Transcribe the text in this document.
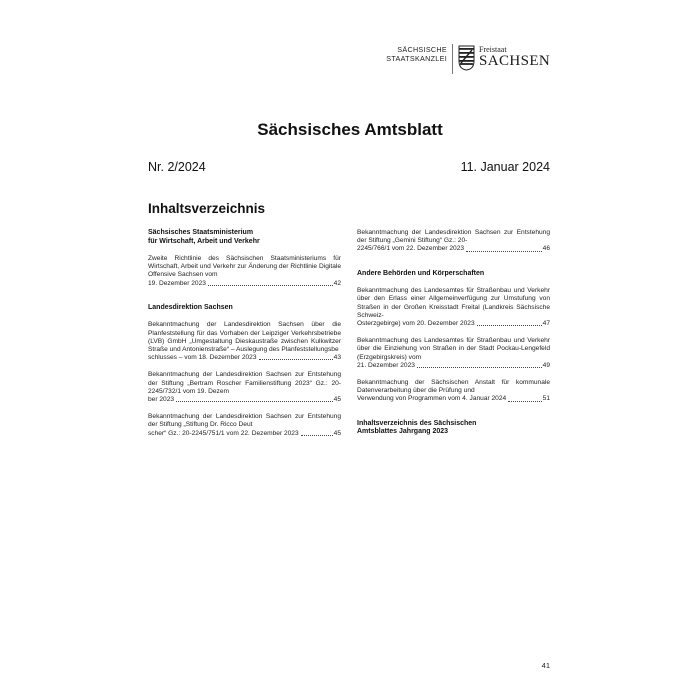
SÄCHSISCHE
STAATSKANZLEI
Freistaat
SACHSEN
Sächsisches Amtsblatt
Nr. 2/2024	11. Januar 2024
Inhaltsverzeichnis
Sächsisches Staatsministerium
für Wirtschaft, Arbeit und Verkehr
Zweite Richtlinie des Sächsischen Staatsministeriums für Wirtschaft, Arbeit und Verkehr zur Änderung der Richtlinie Digitale Offensive Sachsen vom
19. Dezember 2023	42
Landesdirektion Sachsen
Bekanntmachung der Landesdirektion Sachsen über die Planfeststellung für das Vorhaben der Leipziger Verkehrsbetriebe (LVB) GmbH „Umgestaltung Dieskaustraße zwischen Kulkwitzer Straße und Antonienstraße“ – Auslegung des Planfeststellungsbe
schlusses – vom 18. Dezember 2023	43
Bekanntmachung der Landesdirektion Sachsen zur Entstehung der Stiftung „Bertram Roscher Familienstiftung 2023“ Gz.: 20-2245/732/1 vom 19. Dezem
ber 2023	45
Bekanntmachung der Landesdirektion Sachsen zur Entstehung der Stiftung „Stiftung Dr. Ricco Deut
scher“ Gz.: 20-2245/751/1 vom 22. Dezember 2023	45
Bekanntmachung der Landesdirektion Sachsen zur Entstehung der Stiftung „Gemini Stiftung“ Gz.: 20-
2245/766/1 vom 22. Dezember 2023	46
Andere Behörden und Körperschaften
Bekanntmachung des Landesamtes für Straßenbau und Verkehr über den Erlass einer Allgemeinverfügung zur Umstufung von Straßen in der Großen Kreisstadt Freital (Landkreis Sächsische Schweiz-
Osterzgebirge) vom 20. Dezember 2023	47
Bekanntmachung des Landesamtes für Straßenbau und Verkehr über die Einziehung von Straßen in der Stadt Pockau-Lengefeld (Erzgebirgskreis) vom
21. Dezember 2023	49
Bekanntmachung der Sächsischen Anstalt für kommunale Datenverarbeitung über die Prüfung und
Verwendung von Programmen vom 4. Januar 2024	51
Inhaltsverzeichnis des Sächsischen
Amtsblattes Jahrgang 2023
41
